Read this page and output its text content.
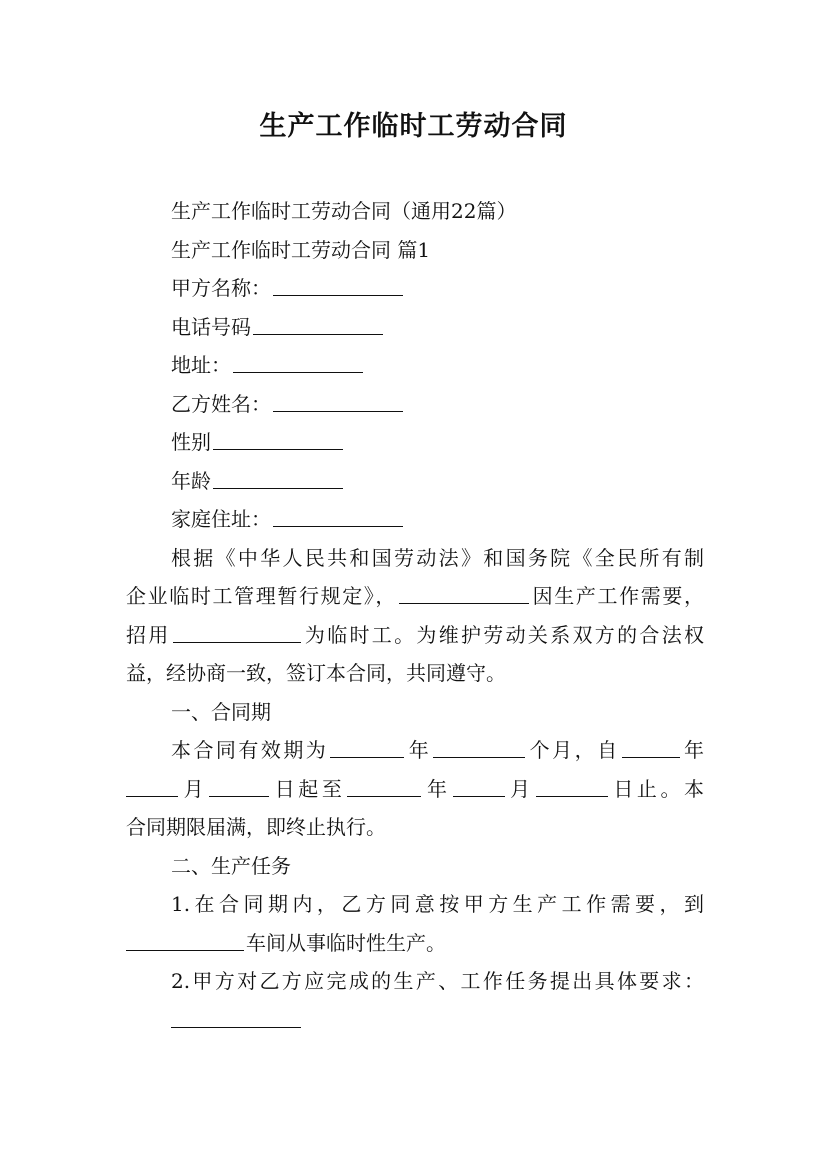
生产工作临时工劳动合同

生产工作临时工劳动合同（通用22篇）

生产工作临时工劳动合同 篇1

甲方名称：

电话号码

地址：

乙方姓名：

性别

年龄

家庭住址：

根据《中华人民共和国劳动法》和国务院《全民所有制

企业临时工管理暂行规定》，	因生产工作需要，

招用	为临时工。为维护劳动关系双方的合法权

益，经协商一致，签订本合同，共同遵守。

一、合同期

本合同有效期为	年	个月，自	年

月	日起至	年	月	日止。本

合同期限届满，即终止执行。

二、生产任务

1.在合同期内，乙方同意按甲方生产工作需要，到

车间从事临时性生产。

2.甲方对乙方应完成的生产、工作任务提出具体要求：
